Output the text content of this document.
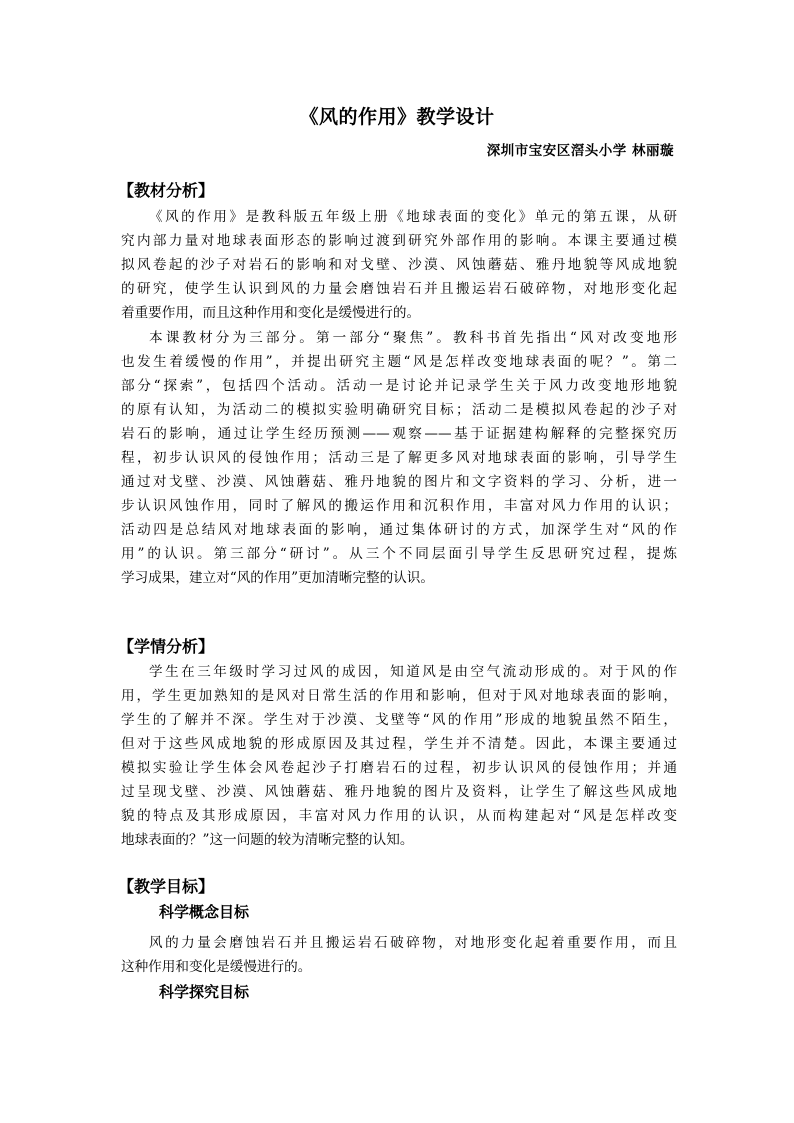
《风的作用》教学设计
深圳市宝安区滘头小学 林丽璇
【教材分析】
《风的作用》是教科版五年级上册《地球表面的变化》单元的第五课，从研
究内部力量对地球表面形态的影响过渡到研究外部作用的影响。本课主要通过模
拟风卷起的沙子对岩石的影响和对戈壁、沙漠、风蚀蘑菇、雅丹地貌等风成地貌
的研究，使学生认识到风的力量会磨蚀岩石并且搬运岩石破碎物，对地形变化起
着重要作用，而且这种作用和变化是缓慢进行的。
本课教材分为三部分。第一部分“聚焦”。教科书首先指出“风对改变地形
也发生着缓慢的作用”，并提出研究主题“风是怎样改变地球表面的呢？”。第二
部分“探索”，包括四个活动。活动一是讨论并记录学生关于风力改变地形地貌
的原有认知，为活动二的模拟实验明确研究目标；活动二是模拟风卷起的沙子对
岩石的影响，通过让学生经历预测——观察——基于证据建构解释的完整探究历
程，初步认识风的侵蚀作用；活动三是了解更多风对地球表面的影响，引导学生
通过对戈壁、沙漠、风蚀蘑菇、雅丹地貌的图片和文字资料的学习、分析，进一
步认识风蚀作用，同时了解风的搬运作用和沉积作用，丰富对风力作用的认识；
活动四是总结风对地球表面的影响，通过集体研讨的方式，加深学生对“风的作
用”的认识。第三部分“研讨”。从三个不同层面引导学生反思研究过程，提炼
学习成果，建立对“风的作用”更加清晰完整的认识。
【学情分析】
学生在三年级时学习过风的成因，知道风是由空气流动形成的。对于风的作
用，学生更加熟知的是风对日常生活的作用和影响，但对于风对地球表面的影响，
学生的了解并不深。学生对于沙漠、戈壁等“风的作用”形成的地貌虽然不陌生，
但对于这些风成地貌的形成原因及其过程，学生并不清楚。因此，本课主要通过
模拟实验让学生体会风卷起沙子打磨岩石的过程，初步认识风的侵蚀作用；并通
过呈现戈壁、沙漠、风蚀蘑菇、雅丹地貌的图片及资料，让学生了解这些风成地
貌的特点及其形成原因，丰富对风力作用的认识，从而构建起对“风是怎样改变
地球表面的？”这一问题的较为清晰完整的认知。
【教学目标】
科学概念目标
风的力量会磨蚀岩石并且搬运岩石破碎物，对地形变化起着重要作用，而且
这种作用和变化是缓慢进行的。
科学探究目标
